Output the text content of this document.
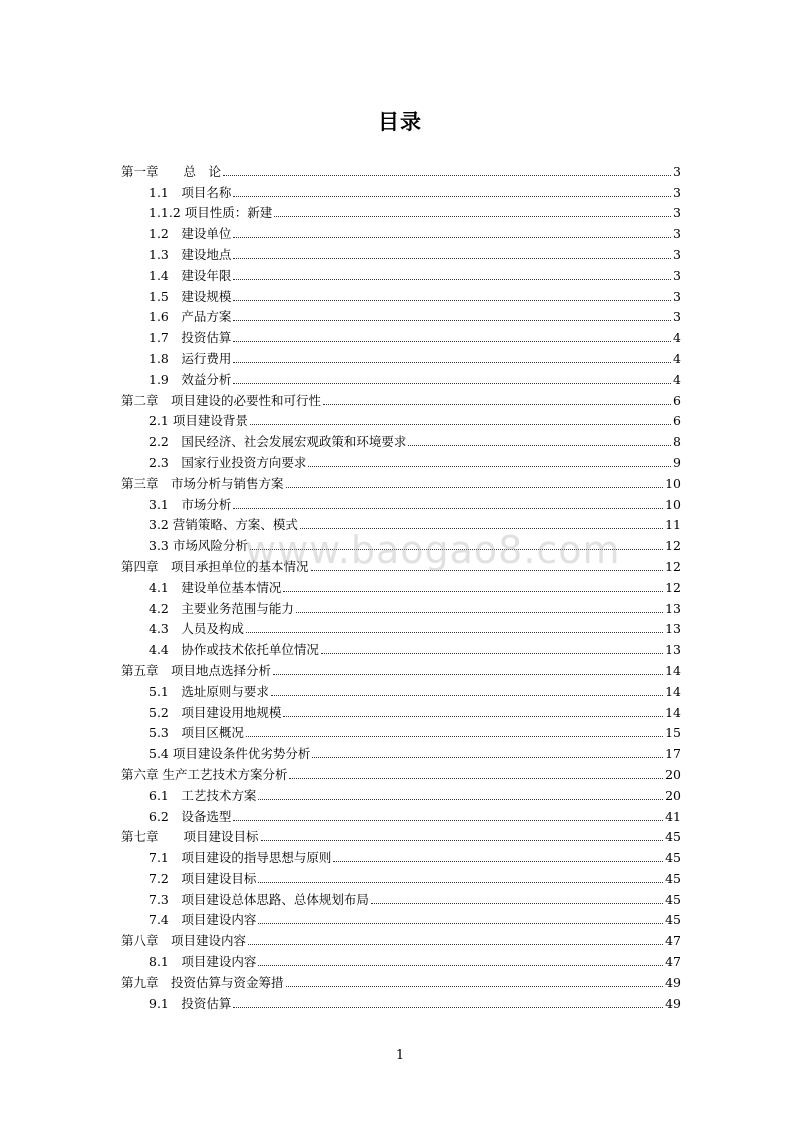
目录
第一章　　总　论	3
1.1　项目名称	3
1.1.2 项目性质：新建	3
1.2　建设单位	3
1.3　建设地点	3
1.4　建设年限	3
1.5　建设规模	3
1.6　产品方案	3
1.7　投资估算	4
1.8　运行费用	4
1.9　效益分析	4
第二章　项目建设的必要性和可行性	6
2.1 项目建设背景	6
2.2　国民经济、社会发展宏观政策和环境要求	8
2.3　国家行业投资方向要求	9
第三章　市场分析与销售方案	10
3.1　市场分析	10
3.2 营销策略、方案、模式	11
3.3 市场风险分析	12
第四章　项目承担单位的基本情况	12
4.1　建设单位基本情况	12
4.2　主要业务范围与能力	13
4.3　人员及构成	13
4.4　协作或技术依托单位情况	13
第五章　项目地点选择分析	14
5.1　选址原则与要求	14
5.2　项目建设用地规模	14
5.3　项目区概况	15
5.4 项目建设条件优劣势分析	17
第六章 生产工艺技术方案分析	20
6.1　工艺技术方案	20
6.2　设备选型	41
第七章　　项目建设目标	45
7.1　项目建设的指导思想与原则	45
7.2　项目建设目标	45
7.3　项目建设总体思路、总体规划布局	45
7.4　项目建设内容	45
第八章　项目建设内容	47
8.1　项目建设内容	47
第九章　投资估算与资金筹措	49
9.1　投资估算	49
www.baogao8.com
1
